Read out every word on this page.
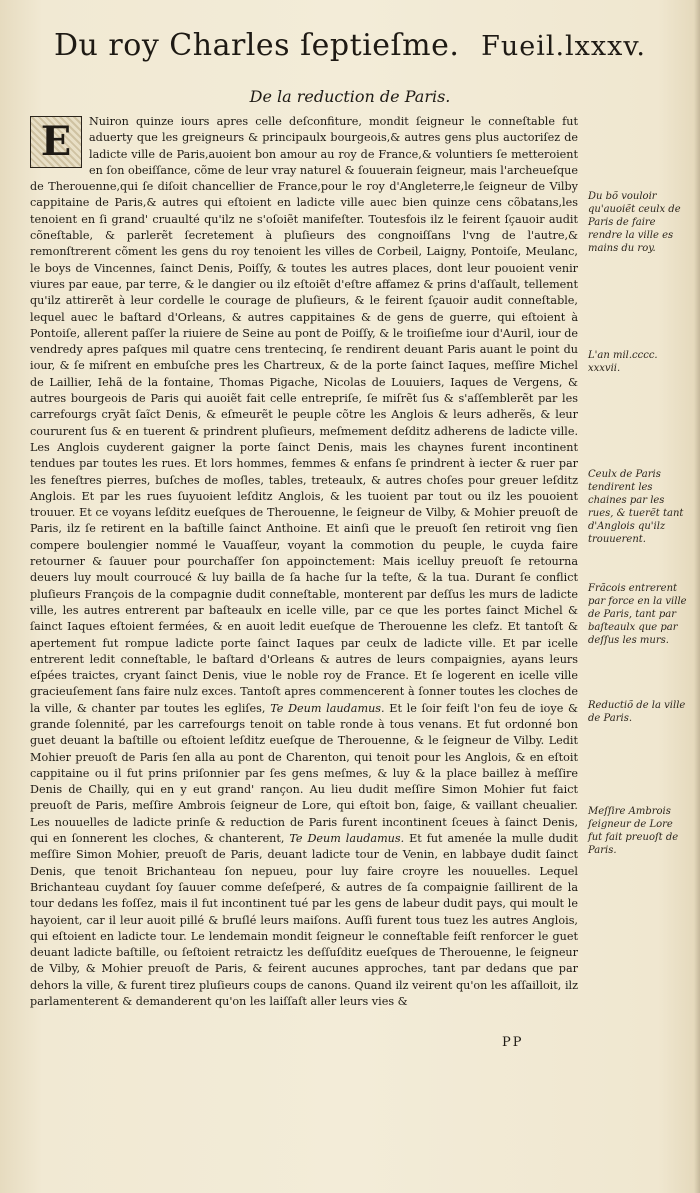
Du roy Charles ſeptieſme. Fueil.lxxxv.
De la reduction de Paris.

E	Nuiron quinze iours apres celle deſconfiture, mondit ſeigneur le conneſtable fut aduerty que les greigneurs & principaulx bourgeois,& autres gens plus auctoriſez de ladicte ville de Paris,auoient bon amour au roy de France,& voluntiers ſe metteroient en ſon obeiſſance, cõme de leur vray naturel & ſouuerain ſeigneur, mais l'archeueſque de Therouenne,qui ſe diſoit chancellier de France,pour le roy d'Angleterre,le ſeigneur de Vilby cappitaine de Paris,& autres qui eſtoient en ladicte ville auec bien quinze cens cõbatans,les tenoient en ſi grand' cruaulté qu'ilz ne s'oſoiẽt manifeſter. Toutesfois ilz le feirent ſçauoir audit cõneſtable, & parlerẽt ſecretement à pluſieurs des congnoiſſans l'vng de l'autre,& remonſtrerent cõment les gens du roy tenoient les villes de Corbeil, Laigny, Pontoiſe, Meulanc, le boys de Vincennes, ſainct Denis, Poiſſy, & toutes les autres places, dont leur pouoient venir viures par eaue, par terre, & le dangier ou ilz eſtoiẽt d'eſtre affamez & prins d'aſſault, tellement qu'ilz attirerẽt à leur cordelle le courage de pluſieurs, & le feirent ſçauoir audit conneſtable, lequel auec le baſtard d'Orleans, & autres cappitaines & de gens de guerre, qui eſtoient à Pontoiſe, allerent paſſer la riuiere de Seine au pont de Poiſſy, & le troiſieſme iour d'Auril, iour de vendredy apres paſques mil quatre cens trentecinq, ſe rendirent deuant Paris auant le point du iour, & ſe miſrent en embuſche pres les Chartreux, & de la porte ſainct Iaques, meſſire Michel de Laillier, Iehã de la fontaine, Thomas Pigache, Nicolas de Louuiers, Iaques de Vergens, & autres bourgeois de Paris qui auoiẽt fait celle entrepriſe, ſe miſrẽt ſus & s'aſſemblerẽt par les carrefourgs cryãt ſaĩct Denis, & eſmeurẽt le peuple cõtre les Anglois & leurs adherẽs, & leur coururent ſus & en tuerent & prindrent pluſieurs, meſmement deſditz adherens de ladicte ville. Les Anglois cuyderent gaigner la porte ſainct Denis, mais les chaynes furent incontinent tendues par toutes les rues. Et lors hommes, femmes & enfans ſe prindrent à iecter & ruer par les feneſtres pierres, buſches de moſles, tables, treteaulx, & autres choſes pour greuer leſditz Anglois. Et par les rues ſuyuoient leſditz Anglois, & les tuoient par tout ou ilz les pouoient trouuer. Et ce voyans leſditz eueſques de Therouenne, le ſeigneur de Vilby, & Mohier preuoſt de Paris, ilz ſe retirent en la baſtille ſainct Anthoine. Et ainſi que le preuoſt ſen retiroit vng ſien compere boulengier nommé le Vauaſſeur, voyant la commotion du peuple, le cuyda faire retourner & ſauuer pour pourchaſſer ſon appoinctement: Mais icelluy preuoſt ſe retourna deuers luy moult courroucé & luy bailla de ſa hache ſur la teſte, & la tua. Durant ſe conflict pluſieurs François de la compagnie dudit conneſtable, monterent par deſſus les murs de ladicte ville, les autres entrerent par baſteaulx en icelle ville, par ce que les portes ſainct Michel & ſainct Iaques eſtoient fermées, & en auoit ledit eueſque de Therouenne les clefz. Et tantoſt & apertement fut rompue ladicte porte ſainct Iaques par ceulx de ladicte ville. Et par icelle entrerent ledit conneſtable, le baſtard d'Orleans & autres de leurs compaignies, ayans leurs eſpées traictes, cryant ſainct Denis, viue le noble roy de France. Et ſe logerent en icelle ville gracieuſement ſans faire nulz exces. Tantoſt apres commencerent à ſonner toutes les cloches de la ville, & chanter par toutes les egliſes, Te Deum laudamus. Et le ſoir feiſt l'on feu de ioye & grande ſolennité, par les carrefourgs tenoit on table ronde à tous venans. Et fut ordonné bon guet deuant la baſtille ou eſtoient leſditz eueſque de Therouenne, & le ſeigneur de Vilby. Ledit Mohier preuoſt de Paris ſen alla au pont de Charenton, qui tenoit pour les Anglois, & en eſtoit cappitaine ou il fut prins priſonnier par ſes gens meſmes, & luy & la place baillez à meſſire Denis de Chailly, qui en y eut grand' rançon. Au lieu dudit meſſire Simon Mohier fut faict preuoſt de Paris, meſſire Ambrois ſeigneur de Lore, qui eſtoit bon, ſaige, & vaillant cheualier. Les nouuelles de ladicte prinſe & reduction de Paris furent incontinent ſceues à ſainct Denis, qui en ſonnerent les cloches, & chanterent, Te Deum laudamus. Et fut amenée la mulle dudit meſſire Simon Mohier, preuoſt de Paris, deuant ladicte tour de Venin, en labbaye dudit ſainct Denis, que tenoit Brichanteau ſon nepueu, pour luy faire croyre les nouuelles. Lequel Brichanteau cuydant ſoy ſauuer comme deſeſperé, & autres de ſa compaignie ſaillirent de la tour dedans les foſſez, mais il fut incontinent tué par les gens de labeur dudit pays, qui moult le hayoient, car il leur auoit pillé & bruſlé leurs maiſons. Auſſi furent tous tuez les autres Anglois, qui eſtoient en ladicte tour. Le lendemain mondit ſeigneur le conneſtable feiſt renforcer le guet deuant ladicte baſtille, ou ſeſtoient retraictz les deſſuſditz eueſques de Therouenne, le ſeigneur de Vilby, & Mohier preuoſt de Paris, & feirent aucunes approches, tant par dedans que par dehors la ville, & furent tirez pluſieurs coups de canons. Quand ilz veirent qu'on les aſſailloit, ilz parlamenterent & demanderent qu'on les laiſſaſt aller leurs vies &

PP
Du bõ vouloir qu'auoiẽt ceulx de Paris de faire rendre la ville es mains du roy.
L'an mil.cccc. xxxvii.
Ceulx de Paris tendirent les chaines par les rues, & tuerẽt tant d'Anglois qu'ilz trouuerent.
Frãcois entrerent par force en la ville de Paris, tant par baſteaulx que par deſſus les murs.
Reductiõ de la ville de Paris.
Meſſire Ambrois ſeigneur de Lore fut fait preuoſt de Paris.
